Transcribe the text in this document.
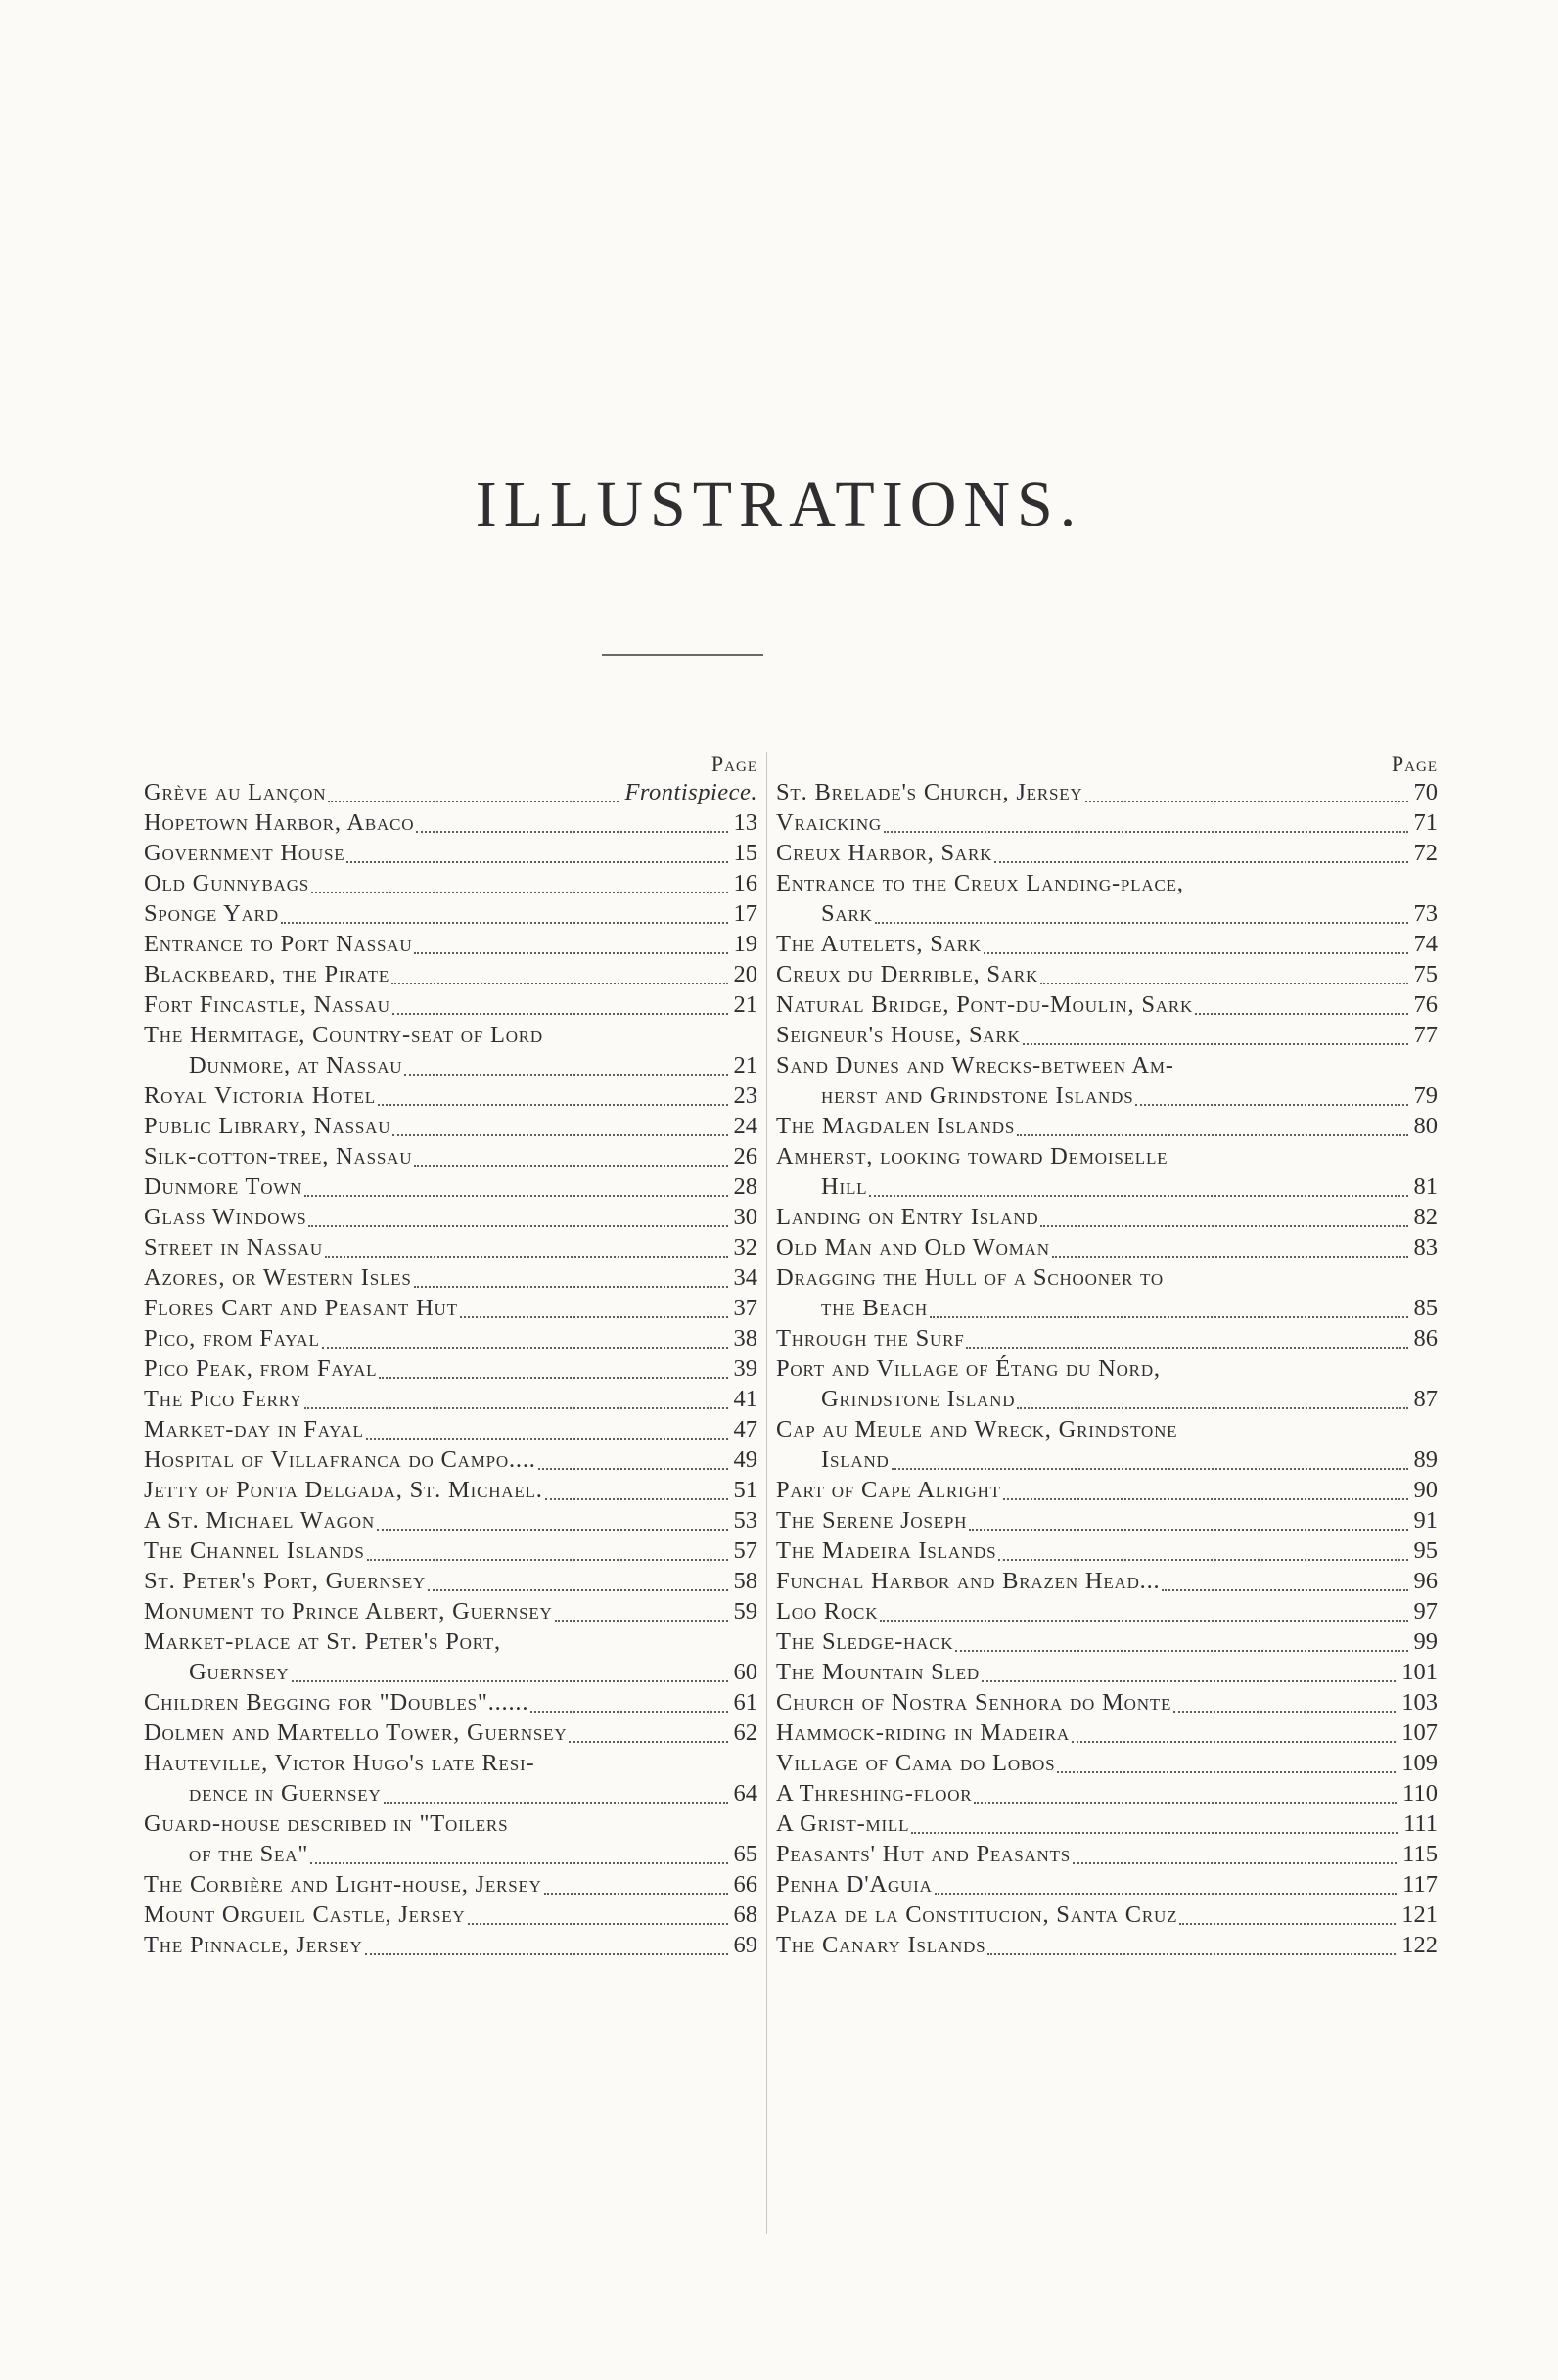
ILLUSTRATIONS.
Page
Grève au Lançon	Frontispiece.
Hopetown Harbor, Abaco	13
Government House	15
Old Gunnybags	16
Sponge Yard	17
Entrance to Port Nassau	19
Blackbeard, the Pirate	20
Fort Fincastle, Nassau	21
The Hermitage, Country-seat of Lord
Dunmore, at Nassau	21
Royal Victoria Hotel	23
Public Library, Nassau	24
Silk-cotton-tree, Nassau	26
Dunmore Town	28
Glass Windows	30
Street in Nassau	32
Azores, or Western Isles	34
Flores Cart and Peasant Hut	37
Pico, from Fayal	38
Pico Peak, from Fayal	39
The Pico Ferry	41
Market-day in Fayal	47
Hospital of Villafranca do Campo....	49
Jetty of Ponta Delgada, St. Michael.	51
A St. Michael Wagon	53
The Channel Islands	57
St. Peter's Port, Guernsey	58
Monument to Prince Albert, Guernsey	59
Market-place at St. Peter's Port,
Guernsey	60
Children Begging for "Doubles"......	61
Dolmen and Martello Tower, Guernsey	62
Hauteville, Victor Hugo's late Resi-
dence in Guernsey	64
Guard-house described in "Toilers
of the Sea"	65
The Corbière and Light-house, Jersey	66
Mount Orgueil Castle, Jersey	68
The Pinnacle, Jersey	69
Page
St. Brelade's Church, Jersey	70
Vraicking	71
Creux Harbor, Sark	72
Entrance to the Creux Landing-place,
Sark	73
The Autelets, Sark	74
Creux du Derrible, Sark	75
Natural Bridge, Pont-du-Moulin, Sark	76
Seigneur's House, Sark	77
Sand Dunes and Wrecks-between Am-
herst and Grindstone Islands	79
The Magdalen Islands	80
Amherst, looking toward Demoiselle
Hill	81
Landing on Entry Island	82
Old Man and Old Woman	83
Dragging the Hull of a Schooner to
the Beach	85
Through the Surf	86
Port and Village of Étang du Nord,
Grindstone Island	87
Cap au Meule and Wreck, Grindstone
Island	89
Part of Cape Alright	90
The Serene Joseph	91
The Madeira Islands	95
Funchal Harbor and Brazen Head...	96
Loo Rock	97
The Sledge-hack	99
The Mountain Sled	101
Church of Nostra Senhora do Monte	103
Hammock-riding in Madeira	107
Village of Cama do Lobos	109
A Threshing-floor	110
A Grist-mill	111
Peasants' Hut and Peasants	115
Penha D'Aguia	117
Plaza de la Constitucion, Santa Cruz	121
The Canary Islands	122
